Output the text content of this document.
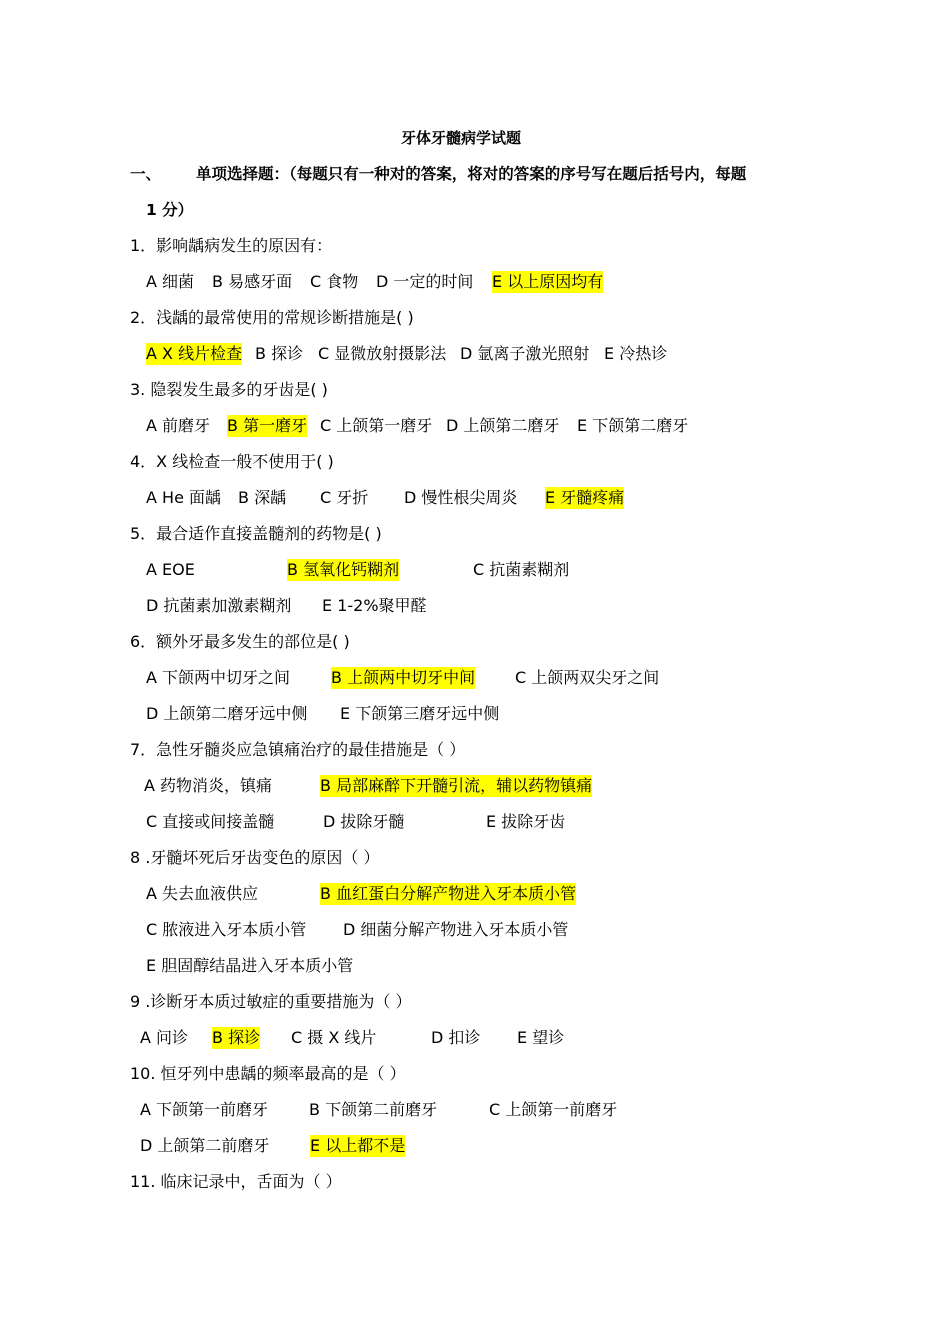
牙体牙髓病学试题
一、 单项选择题：（每题只有一种对的答案，将对的答案的序号写在题后括号内，每题
1 分）
1．影响龋病发生的原因有：
A 细菌 B 易感牙面 C 食物 D 一定的时间 E 以上原因均有
2．浅龋的最常使用的常规诊断措施是( )
A X 线片检查 B 探诊 C 显微放射摄影法 D 氩离子激光照射 E 冷热诊
3. 隐裂发生最多的牙齿是( )
A 前磨牙 B 第一磨牙 C 上颌第一磨牙 D 上颌第二磨牙 E 下颌第二磨牙
4．X 线检查一般不使用于( )
A He 面龋 B 深龋 C 牙折 D 慢性根尖周炎 E 牙髓疼痛
5．最合适作直接盖髓剂的药物是( )
A EOE	B 氢氧化钙糊剂	C 抗菌素糊剂
D 抗菌素加激素糊剂 E 1-2%聚甲醛
6．额外牙最多发生的部位是( )
A 下颌两中切牙之间	B 上颌两中切牙中间 C 上颌两双尖牙之间
D 上颌第二磨牙远中侧 E 下颌第三磨牙远中侧
7．急性牙髓炎应急镇痛治疗的最佳措施是（ ）
A 药物消炎，镇痛	B 局部麻醉下开髓引流，辅以药物镇痛
C 直接或间接盖髓	D 拔除牙髓	E 拔除牙齿
8 .牙髓坏死后牙齿变色的原因（ ）
A 失去血液供应	B 血红蛋白分解产物进入牙本质小管
C 脓液进入牙本质小管 D 细菌分解产物进入牙本质小管
E 胆固醇结晶进入牙本质小管
9 .诊断牙本质过敏症的重要措施为（ ）
A 问诊 B 探诊 C 摄 X 线片	D 扣诊 E 望诊
10. 恒牙列中患龋的频率最高的是（ ）
A 下颌第一前磨牙	B 下颌第二前磨牙	C 上颌第一前磨牙
D 上颌第二前磨牙	E 以上都不是
11. 临床记录中，舌面为（ ）
